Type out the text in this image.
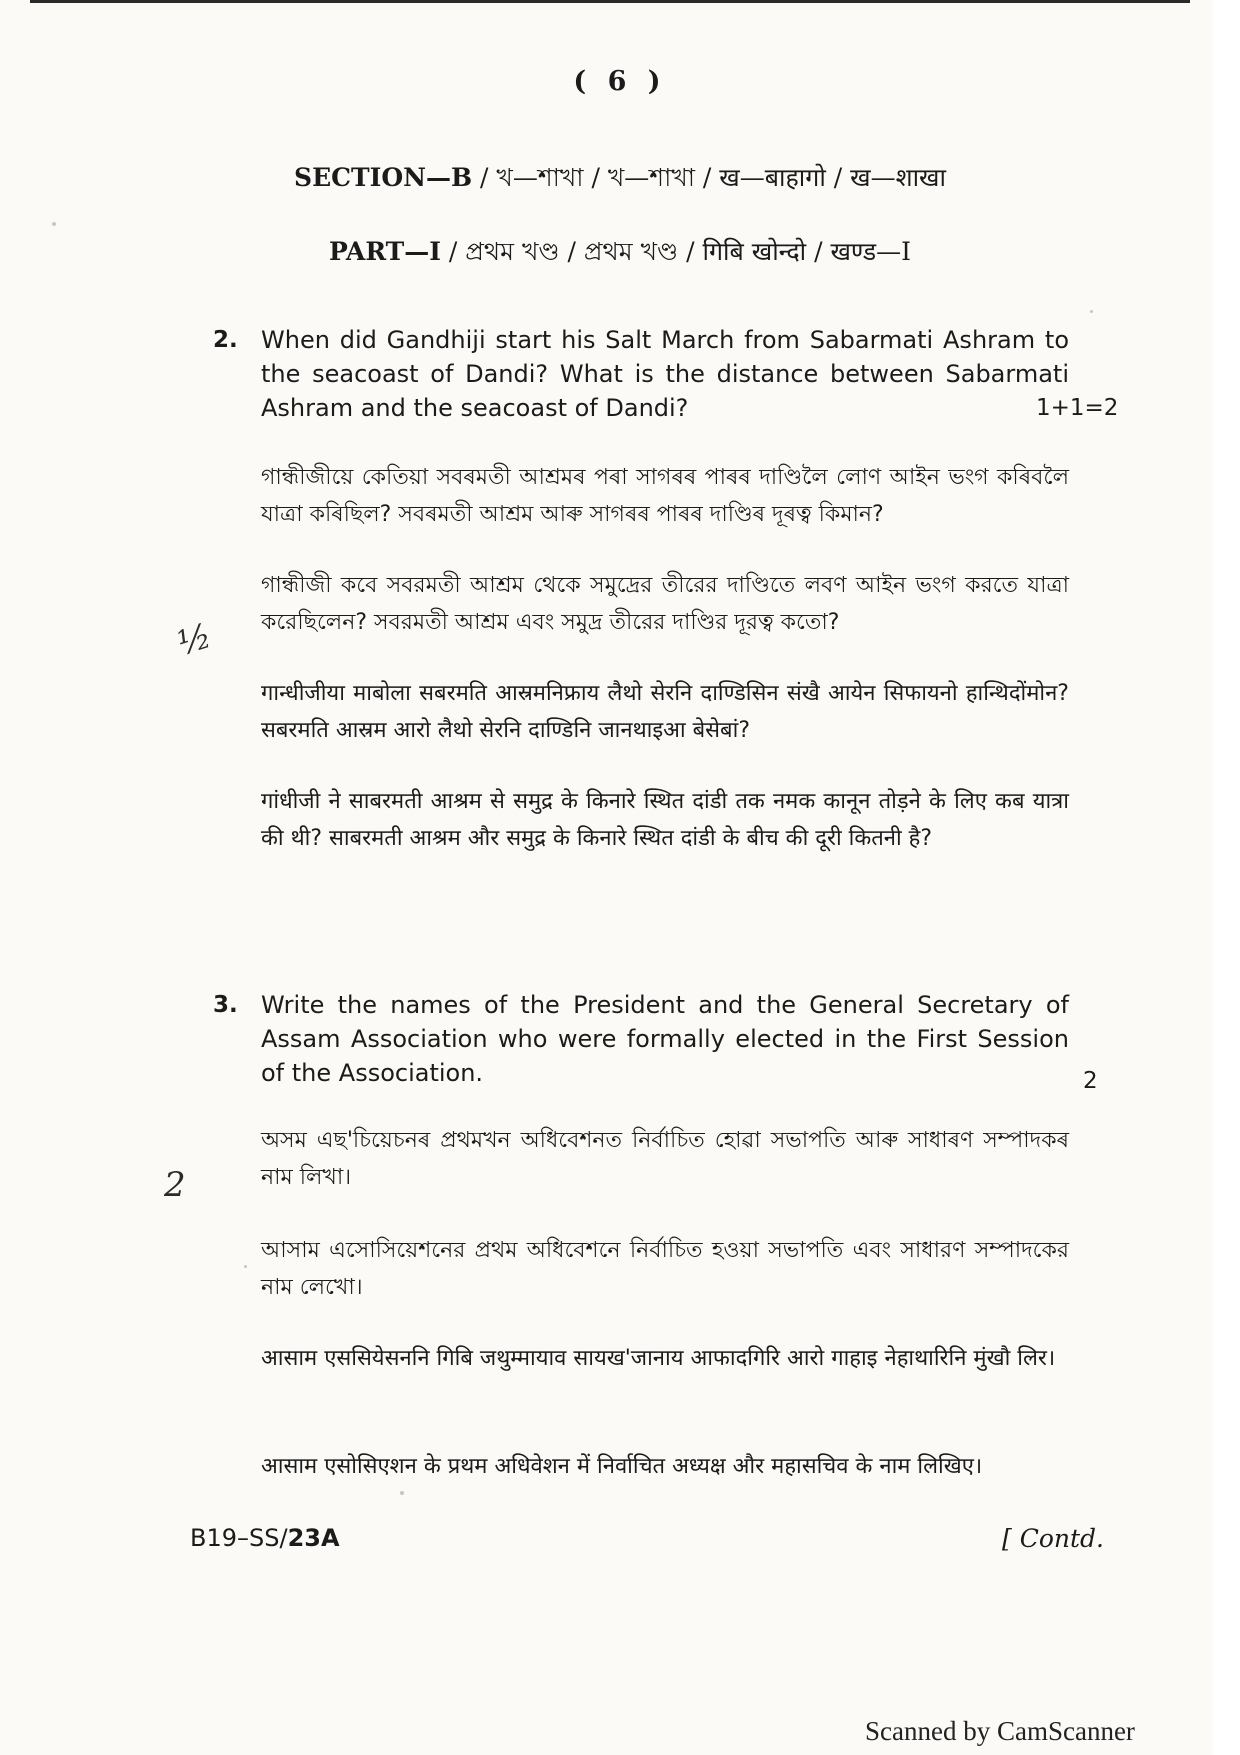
( 6 )
SECTION—B / খ—শাখা / খ—শাখা / ख—बाहागो / ख—शाखा
PART—I / প্ৰথম খণ্ড / প্রথম খণ্ড / गिबि खोन्दो / खण्ड—I
2. When did Gandhiji start his Salt March from Sabarmati Ashram to the seacoast of Dandi? What is the distance between Sabarmati Ashram and the seacoast of Dandi?	1+1=2
গান্ধীজীয়ে কেতিয়া সবৰমতী আশ্ৰমৰ পৰা সাগৰৰ পাৰৰ দাণ্ডিলৈ লোণ আইন ভংগ কৰিবলৈ যাত্ৰা কৰিছিল? সবৰমতী আশ্ৰম আৰু সাগৰৰ পাৰৰ দাণ্ডিৰ দূৰত্ব কিমান?
গান্ধীজী কবে সবরমতী আশ্রম থেকে সমুদ্রের তীরের দাণ্ডিতে লবণ আইন ভংগ করতে যাত্রা করেছিলেন? সবরমতী আশ্রম এবং সমুদ্র তীরের দাণ্ডির দূরত্ব কতো?
गान्धीजीया माबोला सबरमति आस्रमनिफ्राय लैथो सेरनि दाण्डिसिन संखै आयेन सिफायनो हान्थिदोंमोन? सबरमति आस्रम आरो लैथो सेरनि दाण्डिनि जानथाइआ बेसेबां?
गांधीजी ने साबरमती आश्रम से समुद्र के किनारे स्थित दांडी तक नमक कानून तोड़ने के लिए कब यात्रा की थी? साबरमती आश्रम और समुद्र के किनारे स्थित दांडी के बीच की दूरी कितनी है?
3. Write the names of the President and the General Secretary of Assam Association who were formally elected in the First Session of the Association.	2
অসম এছ'চিয়েচনৰ প্ৰথমখন অধিবেশনত নিৰ্বাচিত হোৱা সভাপতি আৰু সাধাৰণ সম্পাদকৰ নাম লিখা।
আসাম এসোসিয়েশনের প্রথম অধিবেশনে নির্বাচিত হওয়া সভাপতি এবং সাধারণ সম্পাদকের নাম লেখো।
आसाम एससियेसननि गिबि जथुम्मायाव सायख'जानाय आफादगिरि आरो गाहाइ नेहाथारिनि मुंखौ लिर।
आसाम एसोसिएशन के प्रथम अधिवेशन में निर्वाचित अध्यक्ष और महासचिव के नाम लिखिए।
½
2
B19–SS/23A	[ Contd.
Scanned by CamScanner
